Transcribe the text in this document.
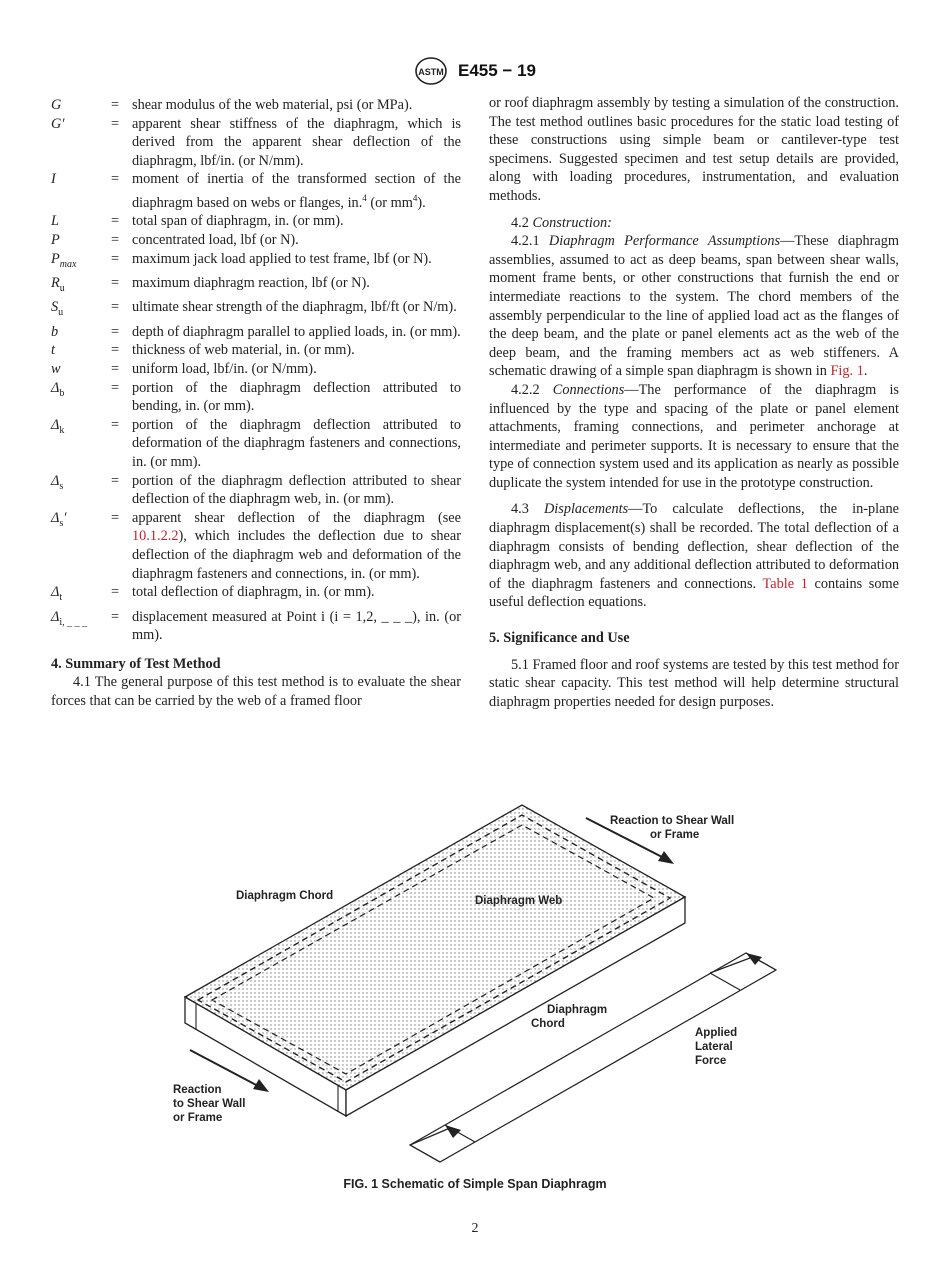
ASTM E455 − 19
G	= shear modulus of the web material, psi (or MPa).
G′	= apparent shear stiffness of the diaphragm, which is derived from the apparent shear deflection of the diaphragm, lbf/in. (or N/mm).
I	= moment of inertia of the transformed section of the diaphragm based on webs or flanges, in.$^4$ (or $mm^4$).
L	= total span of diaphragm, in. (or mm).
P	= concentrated load, lbf (or N).
$P_{max}$	= maximum jack load applied to test frame, lbf (or N).
$R_u$	= maximum diaphragm reaction, lbf (or N).
$S_u$	= ultimate shear strength of the diaphragm, lbf/ft (or N/m).
b	= depth of diaphragm parallel to applied loads, in. (or mm).
t	= thickness of web material, in. (or mm).
w	= uniform load, lbf/in. (or N/mm).
$\Delta_b$	= portion of the diaphragm deflection attributed to bending, in. (or mm).
$\Delta_k$	= portion of the diaphragm deflection attributed to deformation of the diaphragm fasteners and connections, in. (or mm).
$\Delta_s$	= portion of the diaphragm deflection attributed to shear deflection of the diaphragm web, in. (or mm).
$\Delta_s'$	= apparent shear deflection of the diaphragm (see 10.1.2.2), which includes the deflection due to shear deflection of the diaphragm web and deformation of the diaphragm fasteners and connections, in. (or mm).
$\Delta_t$	= total deflection of diaphragm, in. (or mm).
$\Delta_{i, \_ \_ \_}$	= displacement measured at Point i (i = 1,2, _ _ _), in. (or mm).

4. Summary of Test Method

4.1 The general purpose of this test method is to evaluate the shear forces that can be carried by the web of a framed floor

or roof diaphragm assembly by testing a simulation of the construction. The test method outlines basic procedures for the static load testing of these constructions using simple beam or cantilever-type test specimens. Suggested specimen and test setup details are provided, along with loading procedures, instrumentation, and evaluation methods.

4.2 Construction:

4.2.1 Diaphragm Performance Assumptions—These diaphragm assemblies, assumed to act as deep beams, span between shear walls, moment frame bents, or other constructions that furnish the end or intermediate reactions to the system. The chord members of the assembly perpendicular to the line of applied load act as the flanges of the deep beam, and the plate or panel elements act as the web of the deep beam, and the framing members act as web stiffeners. A schematic drawing of a simple span diaphragm is shown in Fig. 1.

4.2.2 Connections—The performance of the diaphragm is influenced by the type and spacing of the plate or panel element attachments, framing connections, and perimeter anchorage at intermediate and perimeter supports. It is necessary to ensure that the type of connection system used and its application as nearly as possible duplicate the system intended for use in the prototype construction.

4.3 Displacements—To calculate deflections, the in-plane diaphragm displacement(s) shall be recorded. The total deflection of a diaphragm consists of bending deflection, shear deflection of the diaphragm web, and any additional deflection attributed to deformation of the diaphragm fasteners and connections. Table 1 contains some useful deflection equations.

5. Significance and Use

5.1 Framed floor and roof systems are tested by this test method for static shear capacity. This test method will help determine structural diaphragm properties needed for design purposes.

Reaction to Shear Wall
or Frame
Diaphragm Chord	Diaphragm Web
Diaphragm
Chord
Applied
Lateral
Force
Reaction
to Shear Wall
or Frame
FIG. 1 Schematic of Simple Span Diaphragm
2
